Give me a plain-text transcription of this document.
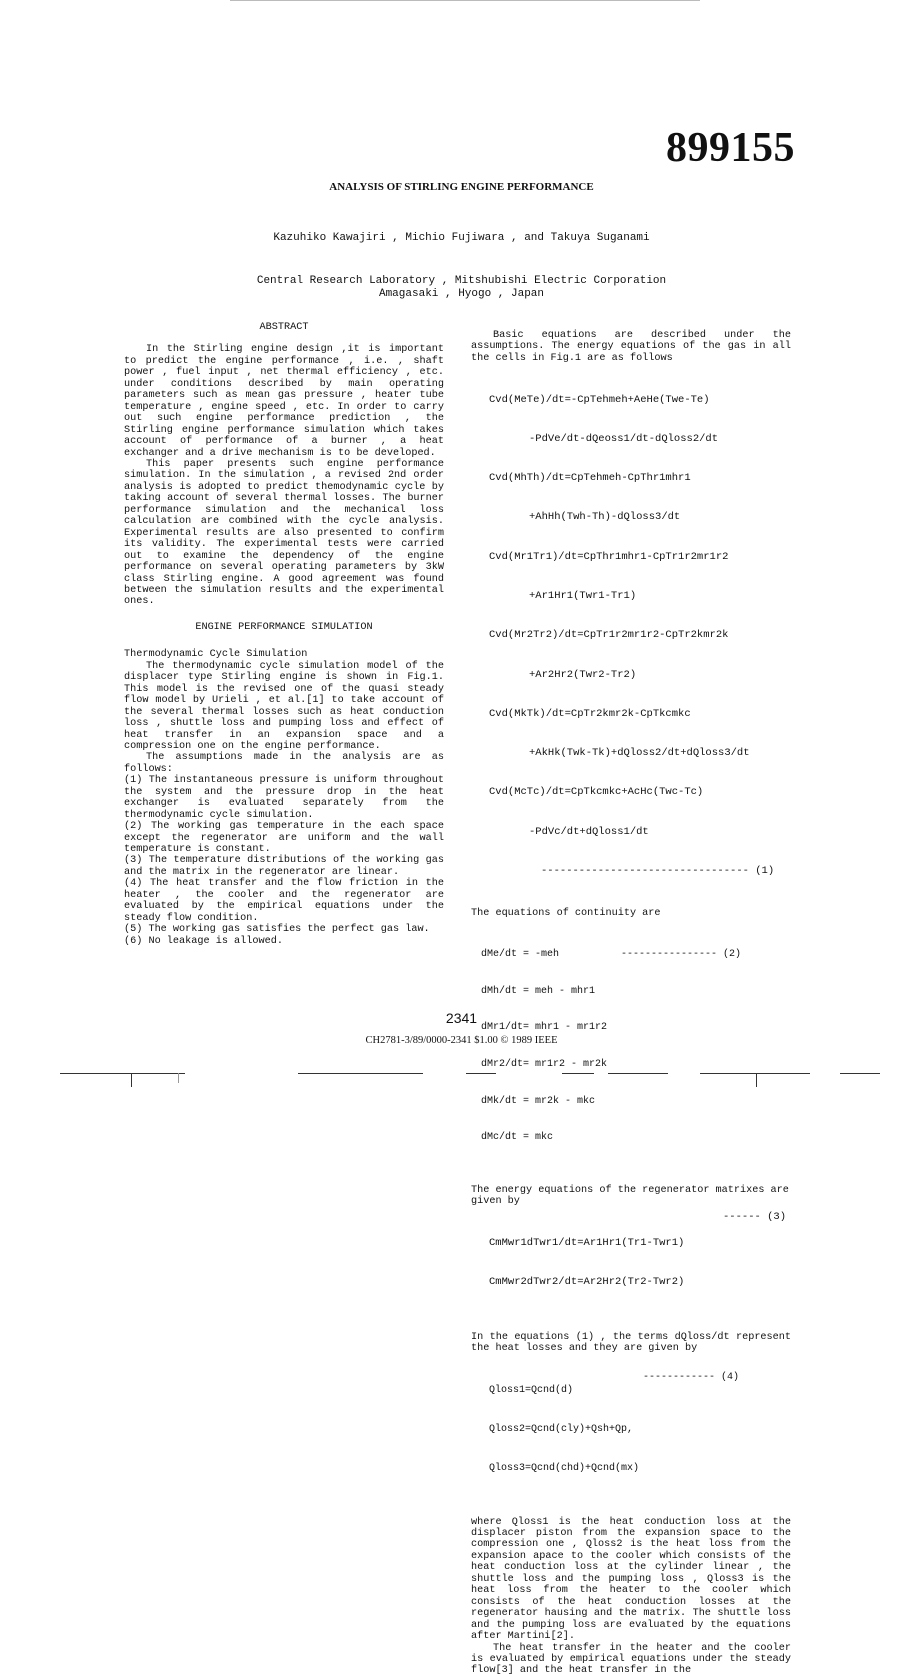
899155
ANALYSIS OF STIRLING ENGINE PERFORMANCE
Kazuhiko Kawajiri , Michio Fujiwara , and Takuya Suganami
Central Research Laboratory , Mitshubishi Electric Corporation
Amagasaki , Hyogo , Japan

ABSTRACT

In the Stirling engine design ,it is important to predict the engine performance , i.e. , shaft power , fuel input , net thermal efficiency , etc. under conditions described by main operating parameters such as mean gas pressure , heater tube temperature , engine speed , etc. In order to carry out such engine performance prediction , the Stirling engine performance simulation which takes account of performance of a burner , a heat exchanger and a drive mechanism is to be developed.

This paper presents such engine performance simulation. In the simulation , a revised 2nd order analysis is adopted to predict themodynamic cycle by taking account of several thermal losses. The burner performance simulation and the mechanical loss calculation are combined with the cycle analysis. Experimental results are also presented to confirm its validity. The experimental tests were carried out to examine the dependency of the engine performance on several operating parameters by 3kW class Stirling engine. A good agreement was found between the simulation results and the experimental ones.

ENGINE PERFORMANCE SIMULATION

Thermodynamic Cycle Simulation

The thermodynamic cycle simulation model of the displacer type Stirling engine is shown in Fig.1. This model is the revised one of the quasi steady flow model by Urieli , et al.[1] to take account of the several thermal losses such as heat conduction loss , shuttle loss and pumping loss and effect of heat transfer in an expansion space and a compression one on the engine performance.

The assumptions made in the analysis are as follows:

(1) The instantaneous pressure is uniform throughout the system and the pressure drop in the heat exchanger is evaluated separately from the thermodynamic cycle simulation.

(2) The working gas temperature in the each space except the regenerator are uniform and the wall temperature is constant.

(3) The temperature distributions of the working gas and the matrix in the regenerator are linear.

(4) The heat transfer and the flow friction in the heater , the cooler and the regenerator are evaluated by the empirical equations under the steady flow condition.

(5) The working gas satisfies the perfect gas law.

(6) No leakage is allowed.

Basic equations are described under the assumptions. The energy equations of the gas in all the cells in Fig.1 are as follows

Cvd(MeTe)/dt=-CpTehmeh+AeHe(Twe-Te)

-PdVe/dt-dQeoss1/dt-dQloss2/dt

Cvd(MhTh)/dt=CpTehmeh-CpThr1mhr1

+AhHh(Twh-Th)-dQloss3/dt

Cvd(Mr1Tr1)/dt=CpThr1mhr1-CpTr1r2mr1r2

+Ar1Hr1(Twr1-Tr1)

Cvd(Mr2Tr2)/dt=CpTr1r2mr1r2-CpTr2kmr2k

+Ar2Hr2(Twr2-Tr2)

Cvd(MkTk)/dt=CpTr2kmr2k-CpTkcmkc

+AkHk(Twk-Tk)+dQloss2/dt+dQloss3/dt

Cvd(McTc)/dt=CpTkcmkc+AcHc(Twc-Tc)

-PdVc/dt+dQloss1/dt

--------------------------------- (1)

The equations of continuity are

dMe/dt = -meh

dMh/dt = meh - mhr1

dMr1/dt= mhr1 - mr1r2

dMr2/dt= mr1r2 - mr2k

dMk/dt = mr2k - mkc

dMc/dt = mkc

---------------- (2)

The energy equations of the regenerator matrixes are given by

CmMwr1dTwr1/dt=Ar1Hr1(Tr1-Twr1)

CmMwr2dTwr2/dt=Ar2Hr2(Tr2-Twr2)

------ (3)

In the equations (1) , the terms dQloss/dt represent the heat losses and they are given by

Qloss1=Qcnd(d)

Qloss2=Qcnd(cly)+Qsh+Qp,

Qloss3=Qcnd(chd)+Qcnd(mx)

------------ (4)

where Qloss1 is the heat conduction loss at the displacer piston from the expansion space to the compression one , Qloss2 is the heat loss from the expansion apace to the cooler which consists of the heat conduction loss at the cylinder linear , the shuttle loss and the pumping loss , Qloss3 is the heat loss from the heater to the cooler which consists of the heat conduction losses at the regenerator hausing and the matrix. The shuttle loss and the pumping loss are evaluated by the equations after Martini[2].

The heat transfer in the heater and the cooler is evaluated by empirical equations under the steady flow[3] and the heat transfer in the

2341
CH2781-3/89/0000-2341 $1.00 © 1989 IEEE
